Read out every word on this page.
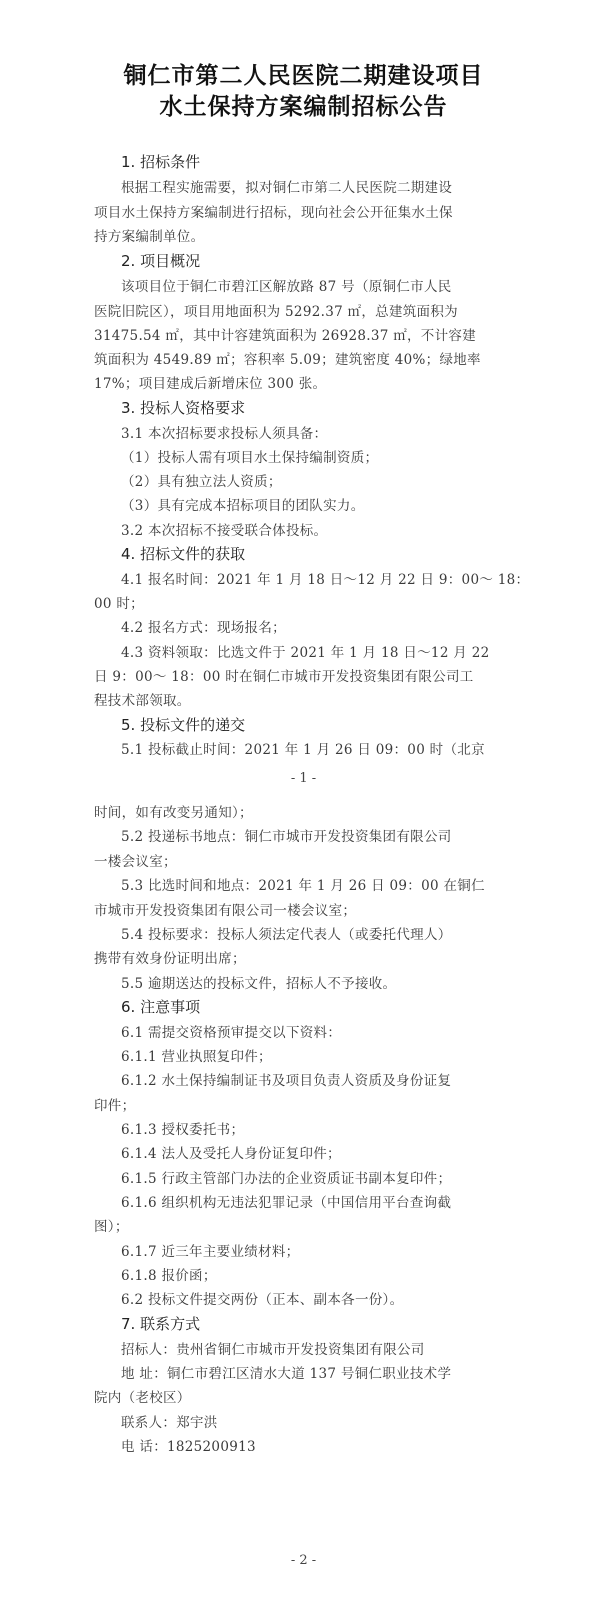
铜仁市第二人民医院二期建设项目
水土保持方案编制招标公告
1. 招标条件
根据工程实施需要，拟对铜仁市第二人民医院二期建设
项目水土保持方案编制进行招标，现向社会公开征集水土保
持方案编制单位。
2. 项目概况
该项目位于铜仁市碧江区解放路 87 号（原铜仁市人民
医院旧院区），项目用地面积为 5292.37 ㎡，总建筑面积为
31475.54 ㎡，其中计容建筑面积为 26928.37 ㎡，不计容建
筑面积为 4549.89 ㎡；容积率 5.09；建筑密度 40%；绿地率
17%；项目建成后新增床位 300 张。
3. 投标人资格要求
3.1 本次招标要求投标人须具备：
（1）投标人需有项目水土保持编制资质；
（2）具有独立法人资质；
（3）具有完成本招标项目的团队实力。
3.2 本次招标不接受联合体投标。
4. 招标文件的获取
4.1 报名时间：2021 年 1 月 18 日～12 月 22 日 9：00～ 18：
00 时；
4.2 报名方式：现场报名；
4.3 资料领取：比选文件于 2021 年 1 月 18 日～12 月 22
日 9：00～ 18：00 时在铜仁市城市开发投资集团有限公司工
程技术部领取。
5. 投标文件的递交
5.1 投标截止时间：2021 年 1 月 26 日 09：00 时（北京
- 1 -
时间，如有改变另通知）；
5.2 投递标书地点：铜仁市城市开发投资集团有限公司
一楼会议室；
5.3 比选时间和地点：2021 年 1 月 26 日 09：00 在铜仁
市城市开发投资集团有限公司一楼会议室；
5.4 投标要求：投标人须法定代表人（或委托代理人）
携带有效身份证明出席；
5.5 逾期送达的投标文件，招标人不予接收。
6. 注意事项
6.1 需提交资格预审提交以下资料：
6.1.1 营业执照复印件；
6.1.2 水土保持编制证书及项目负责人资质及身份证复
印件；
6.1.3 授权委托书；
6.1.4 法人及受托人身份证复印件；
6.1.5 行政主管部门办法的企业资质证书副本复印件；
6.1.6 组织机构无违法犯罪记录（中国信用平台查询截
图）；
6.1.7 近三年主要业绩材料；
6.1.8 报价函；
6.2 投标文件提交两份（正本、副本各一份）。
7. 联系方式
招标人：贵州省铜仁市城市开发投资集团有限公司
地 址：铜仁市碧江区清水大道 137 号铜仁职业技术学
院内（老校区）
联系人：郑宇洪
电 话：1825200913
- 2 -
